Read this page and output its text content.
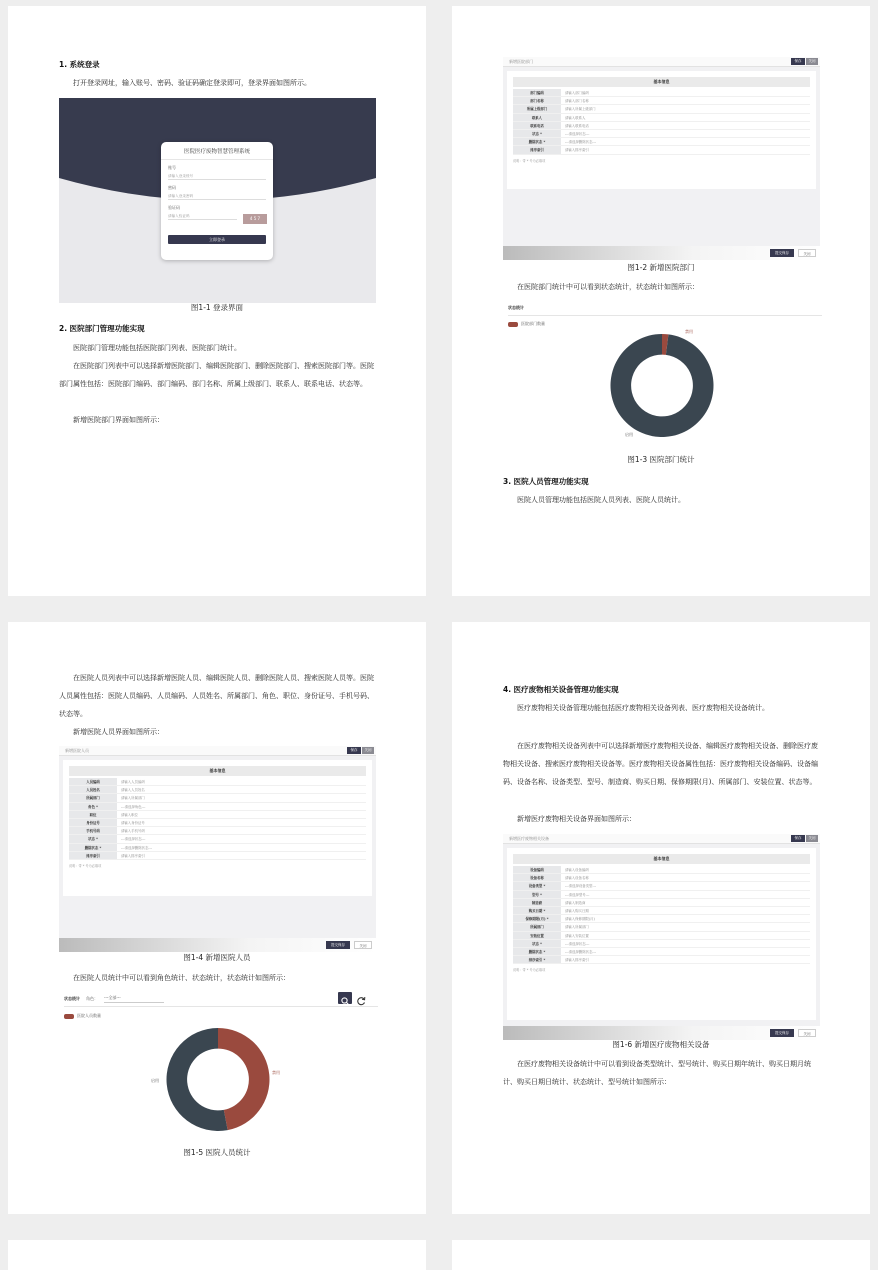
1. 系统登录
打开登录网址，输入账号、密码、验证码确定登录即可，登录界面如图所示。
医院医疗废物智慧管理系统
账号
请输入登录账号
密码
请输入登录密码
验证码
请输入验证码	4 5 7
立即登录
图1-1 登录界面
2. 医院部门管理功能实现
医院部门管理功能包括医院部门列表、医院部门统计。
在医院部门列表中可以选择新增医院部门、编辑医院部门、删除医院部门、搜索医院部门等。医院部门属性包括：医院部门编码、部门编码、部门名称、所属上级部门、联系人、联系电话、状态等。
新增医院部门界面如图所示：
新增医院部门	保存	关闭
基本信息
部门编码	请输入部门编码
部门名称	请输入部门名称
所属上级部门	请输入所属上级部门
联系人	请输入联系人
联系电话	请输入联系电话
状态 *	---请选择状态---
删除状态 *	---请选择删除状态---
排序索引	请输入排序索引
说明：带 * 号为必填项
提交保存	关闭
图1-2 新增医院部门
在医院部门统计中可以看到状态统计，状态统计如图所示：
状态统计
医院部门数量
禁用
启用
图1-3 医院部门统计
3. 医院人员管理功能实现
医院人员管理功能包括医院人员列表、医院人员统计。
在医院人员列表中可以选择新增医院人员、编辑医院人员、删除医院人员、搜索医院人员等。医院人员属性包括：医院人员编码、人员编码、人员姓名、所属部门、角色、职位、身份证号、手机号码、状态等。
新增医院人员界面如图所示：
新增医院人员	保存	关闭
基本信息
人员编码	请输入人员编码
人员姓名	请输入人员姓名
所属部门	请输入所属部门
角色 *	---请选择角色---
职位	请输入职位
身份证号	请输入身份证号
手机号码	请输入手机号码
状态 *	---请选择状态---
删除状态 *	---请选择删除状态---
排序索引	请输入排序索引
说明：带 * 号为必填项
提交保存	关闭
图1-4 新增医院人员
在医院人员统计中可以看到角色统计、状态统计，状态统计如图所示：
状态统计 角色： ---全部---
医院人员数量
禁用
启用
图1-5 医院人员统计
4. 医疗废物相关设备管理功能实现
医疗废物相关设备管理功能包括医疗废物相关设备列表、医疗废物相关设备统计。
在医疗废物相关设备列表中可以选择新增医疗废物相关设备、编辑医疗废物相关设备、删除医疗废物相关设备、搜索医疗废物相关设备等。医疗废物相关设备属性包括：医疗废物相关设备编码、设备编码、设备名称、设备类型、型号、制造商、购买日期、保修期限(月)、所属部门、安装位置、状态等。
新增医疗废物相关设备界面如图所示：
新增医疗废物相关设备	保存	关闭
基本信息
设备编码	请输入设备编码
设备名称	请输入设备名称
设备类型 *	---请选择设备类型---
型号 *	---请选择型号---
制造商	请输入制造商
购买日期 *	请输入购买日期
保修期限(月) *	请输入保修期限(月)
所属部门	请输入所属部门
安装位置	请输入安装位置
状态 *	---请选择状态---
删除状态 *	---请选择删除状态---
排序索引 *	请输入排序索引
说明：带 * 号为必填项
提交保存	关闭
图1-6 新增医疗废物相关设备
在医疗废物相关设备统计中可以看到设备类型统计、型号统计、购买日期年统计、购买日期月统计、购买日期日统计、状态统计、型号统计如图所示：
